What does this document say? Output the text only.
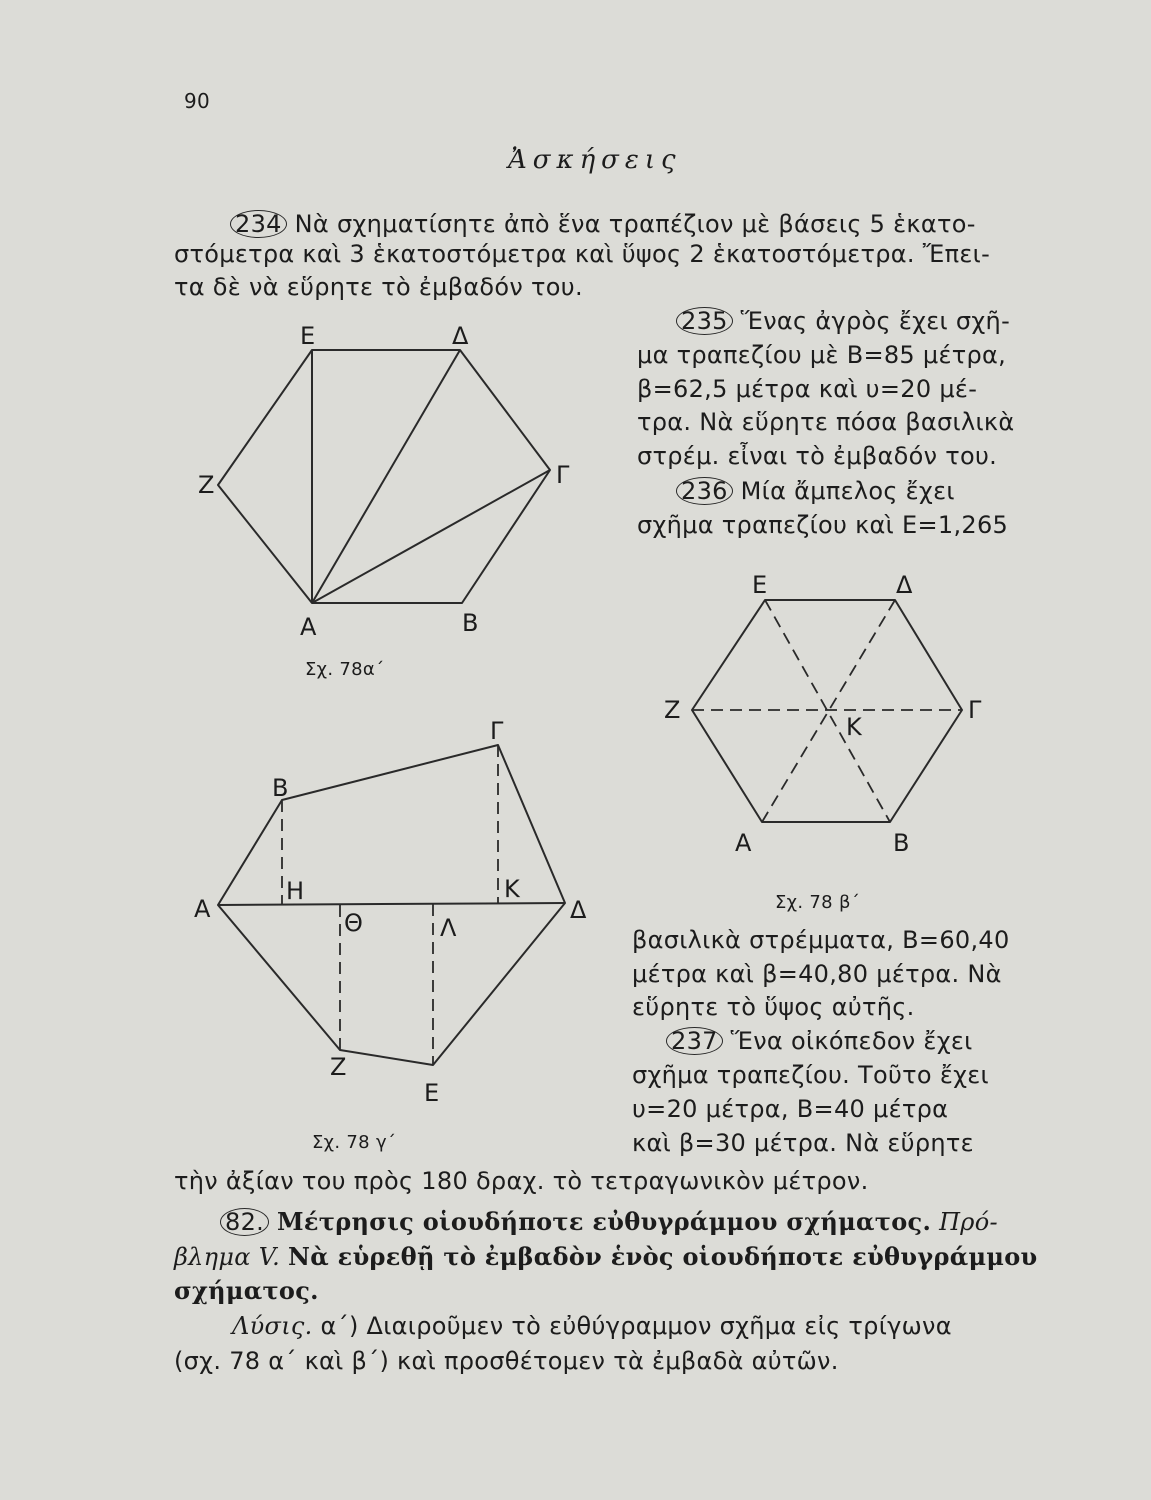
90
Ἀσκήσεις
234 Νὰ σχηματίσητε ἀπὸ ἕνα τραπέζιον μὲ βάσεις 5 ἑκατο-
στόμετρα καὶ 3 ἑκατοστόμετρα καὶ ὕψος 2 ἑκατοστόμετρα. Ἔπει-
τα δὲ νὰ εὕρητε τὸ ἐμβαδόν του.
235 Ἕνας ἀγρὸς ἔχει σχῆ-
μα τραπεζίου μὲ Β=85 μέτρα,
β=62,5 μέτρα καὶ υ=20 μέ-
τρα. Νὰ εὕρητε πόσα βασιλικὰ
στρέμ. εἶναι τὸ ἐμβαδόν του.
236 Μία ἄμπελος ἔχει
σχῆμα τραπεζίου καὶ Ε=1,265
βασιλικὰ στρέμματα, Β=60,40
μέτρα καὶ β=40,80 μέτρα. Νὰ
εὕρητε τὸ ὕψος αὐτῆς.
237 Ἕνα οἰκόπεδον ἔχει
σχῆμα τραπεζίου. Τοῦτο ἔχει
υ=20 μέτρα, Β=40 μέτρα
καὶ β=30 μέτρα. Νὰ εὕρητε
τὴν ἀξίαν του πρὸς 180 δραχ. τὸ τετραγωνικὸν μέτρον.
82. Μέτρησις οἱουδήποτε εὐθυγράμμου σχήματος. Πρό-
βλημα V. Νὰ εὑρεθῇ τὸ ἐμβαδὸν ἑνὸς οἱουδήποτε εὐθυγράμμου
σχήματος.
Λύσις. α΄) Διαιροῦμεν τὸ εὐθύγραμμον σχῆμα εἰς τρίγωνα
(σχ. 78 α΄ καὶ β΄) καὶ προσθέτομεν τὰ ἐμβαδὰ αὐτῶν.
Ε	Δ
Ζ	Γ
Α	Β
Σχ. 78α΄
Ε	Δ
Ζ	Γ
Κ
Α	Β
Σχ. 78 β΄
Β
Γ
Α
Η	Κ
Δ
Θ	Λ
Ζ
Ε
Σχ. 78 γ΄
